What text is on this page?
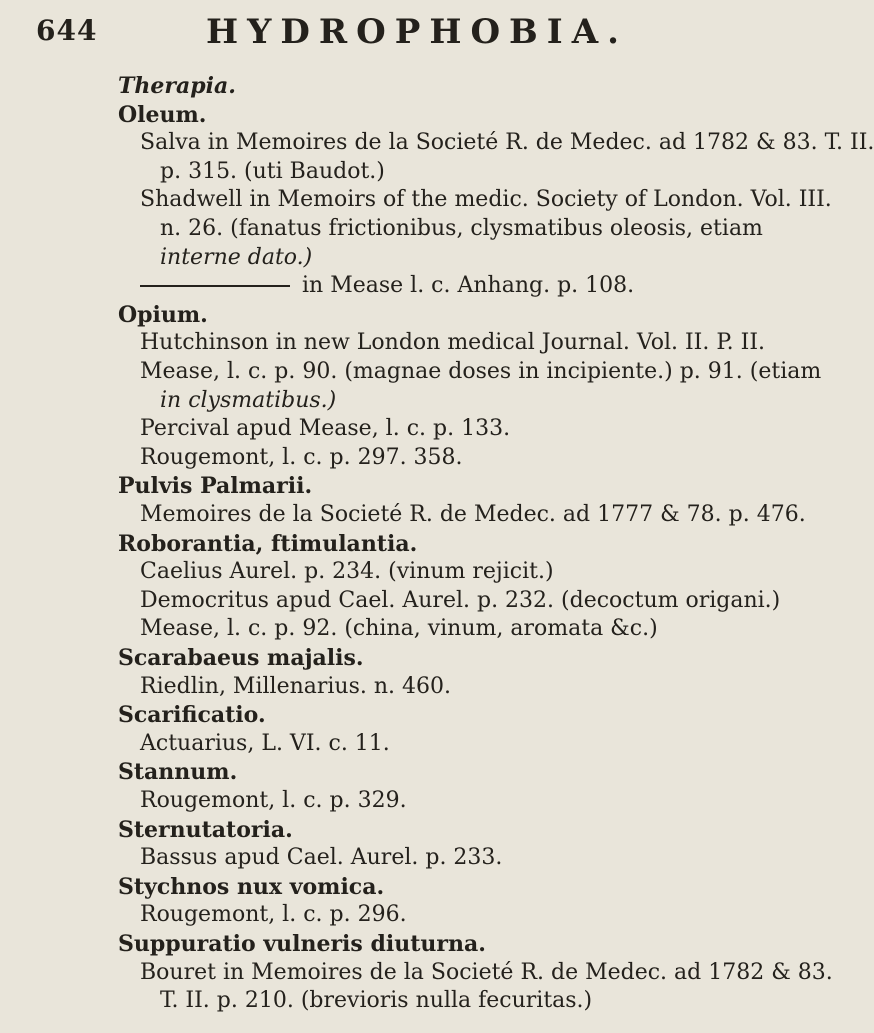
644	HYDROPHOBIA.
Therapia.
Oleum.
Salva in Memoires de la Societé R. de Medec. ad 1782 & 83. T. II.
p. 315. (uti Baudot.)
Shadwell in Memoirs of the medic. Society of London. Vol. III.
n. 26. (fanatus frictionibus, clysmatibus oleosis, etiam
interne dato.)
in Mease l. c. Anhang. p. 108.
Opium.
Hutchinson in new London medical Journal. Vol. II. P. II.
Mease, l. c. p. 90. (magnae doses in incipiente.) p. 91. (etiam
in clysmatibus.)
Percival apud Mease, l. c. p. 133.
Rougemont, l. c. p. 297. 358.
Pulvis Palmarii.
Memoires de la Societé R. de Medec. ad 1777 & 78. p. 476.
Roborantia, ftimulantia.
Caelius Aurel. p. 234. (vinum rejicit.)
Democritus apud Cael. Aurel. p. 232. (decoctum origani.)
Mease, l. c. p. 92. (china, vinum, aromata &c.)
Scarabaeus majalis.
Riedlin, Millenarius. n. 460.
Scarificatio.
Actuarius, L. VI. c. 11.
Stannum.
Rougemont, l. c. p. 329.
Sternutatoria.
Bassus apud Cael. Aurel. p. 233.
Stychnos nux vomica.
Rougemont, l. c. p. 296.
Suppuratio vulneris diuturna.
Bouret in Memoires de la Societé R. de Medec. ad 1782 & 83.
T. II. p. 210. (brevioris nulla fecuritas.)
